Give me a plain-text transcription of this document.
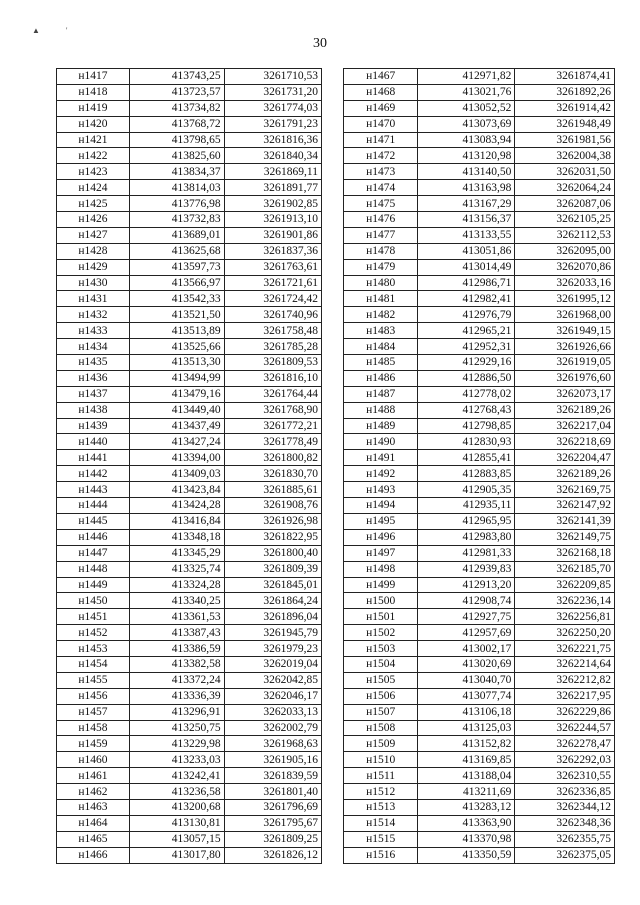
▲	'
30
н1417	413743,25	3261710,53
н1418	413723,57	3261731,20
н1419	413734,82	3261774,03
н1420	413768,72	3261791,23
н1421	413798,65	3261816,36
н1422	413825,60	3261840,34
н1423	413834,37	3261869,11
н1424	413814,03	3261891,77
н1425	413776,98	3261902,85
н1426	413732,83	3261913,10
н1427	413689,01	3261901,86
н1428	413625,68	3261837,36
н1429	413597,73	3261763,61
н1430	413566,97	3261721,61
н1431	413542,33	3261724,42
н1432	413521,50	3261740,96
н1433	413513,89	3261758,48
н1434	413525,66	3261785,28
н1435	413513,30	3261809,53
н1436	413494,99	3261816,10
н1437	413479,16	3261764,44
н1438	413449,40	3261768,90
н1439	413437,49	3261772,21
н1440	413427,24	3261778,49
н1441	413394,00	3261800,82
н1442	413409,03	3261830,70
н1443	413423,84	3261885,61
н1444	413424,28	3261908,76
н1445	413416,84	3261926,98
н1446	413348,18	3261822,95
н1447	413345,29	3261800,40
н1448	413325,74	3261809,39
н1449	413324,28	3261845,01
н1450	413340,25	3261864,24
н1451	413361,53	3261896,04
н1452	413387,43	3261945,79
н1453	413386,59	3261979,23
н1454	413382,58	3262019,04
н1455	413372,24	3262042,85
н1456	413336,39	3262046,17
н1457	413296,91	3262033,13
н1458	413250,75	3262002,79
н1459	413229,98	3261968,63
н1460	413233,03	3261905,16
н1461	413242,41	3261839,59
н1462	413236,58	3261801,40
н1463	413200,68	3261796,69
н1464	413130,81	3261795,67
н1465	413057,15	3261809,25
н1466	413017,80	3261826,12
н1467	412971,82	3261874,41
н1468	413021,76	3261892,26
н1469	413052,52	3261914,42
н1470	413073,69	3261948,49
н1471	413083,94	3261981,56
н1472	413120,98	3262004,38
н1473	413140,50	3262031,50
н1474	413163,98	3262064,24
н1475	413167,29	3262087,06
н1476	413156,37	3262105,25
н1477	413133,55	3262112,53
н1478	413051,86	3262095,00
н1479	413014,49	3262070,86
н1480	412986,71	3262033,16
н1481	412982,41	3261995,12
н1482	412976,79	3261968,00
н1483	412965,21	3261949,15
н1484	412952,31	3261926,66
н1485	412929,16	3261919,05
н1486	412886,50	3261976,60
н1487	412778,02	3262073,17
н1488	412768,43	3262189,26
н1489	412798,85	3262217,04
н1490	412830,93	3262218,69
н1491	412855,41	3262204,47
н1492	412883,85	3262189,26
н1493	412905,35	3262169,75
н1494	412935,11	3262147,92
н1495	412965,95	3262141,39
н1496	412983,80	3262149,75
н1497	412981,33	3262168,18
н1498	412939,83	3262185,70
н1499	412913,20	3262209,85
н1500	412908,74	3262236,14
н1501	412927,75	3262256,81
н1502	412957,69	3262250,20
н1503	413002,17	3262221,75
н1504	413020,69	3262214,64
н1505	413040,70	3262212,82
н1506	413077,74	3262217,95
н1507	413106,18	3262229,86
н1508	413125,03	3262244,57
н1509	413152,82	3262278,47
н1510	413169,85	3262292,03
н1511	413188,04	3262310,55
н1512	413211,69	3262336,85
н1513	413283,12	3262344,12
н1514	413363,90	3262348,36
н1515	413370,98	3262355,75
н1516	413350,59	3262375,05
